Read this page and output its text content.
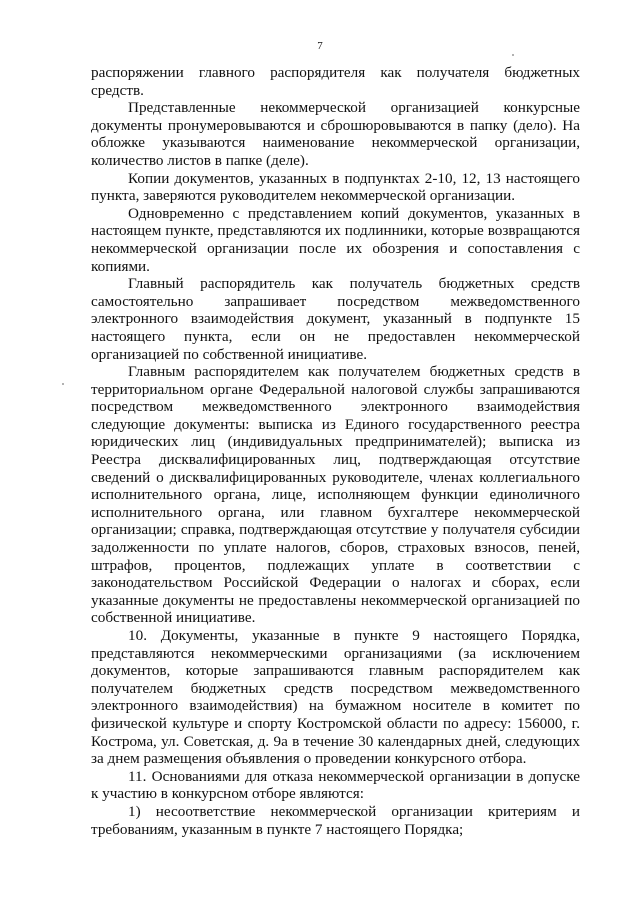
7

распоряжении главного распорядителя как получателя бюджетных средств.

Представленные некоммерческой организацией конкурсные документы пронумеровываются и сброшюровываются в папку (дело). На обложке указываются наименование некоммерческой организации, количество листов в папке (деле).

Копии документов, указанных в подпунктах 2-10, 12, 13 настоящего пункта, заверяются руководителем некоммерческой организации.

Одновременно с представлением копий документов, указанных в настоящем пункте, представляются их подлинники, которые возвращаются некоммерческой организации после их обозрения и сопоставления с копиями.

Главный распорядитель как получатель бюджетных средств самостоятельно запрашивает посредством межведомственного электронного взаимодействия документ, указанный в подпункте 15 настоящего пункта, если он не предоставлен некоммерческой организацией по собственной инициативе.

Главным распорядителем как получателем бюджетных средств в территориальном органе Федеральной налоговой службы запрашиваются посредством межведомственного электронного взаимодействия следующие документы: выписка из Единого государственного реестра юридических лиц (индивидуальных предпринимателей); выписка из Реестра дисквалифицированных лиц, подтверждающая отсутствие сведений о дисквалифицированных руководителе, членах коллегиального исполнительного органа, лице, исполняющем функции единоличного исполнительного органа, или главном бухгалтере некоммерческой организации; справка, подтверждающая отсутствие у получателя субсидии задолженности по уплате налогов, сборов, страховых взносов, пеней, штрафов, процентов, подлежащих уплате в соответствии с законодательством Российской Федерации о налогах и сборах, если указанные документы не предоставлены некоммерческой организацией по собственной инициативе.

10. Документы, указанные в пункте 9 настоящего Порядка, представляются некоммерческими организациями (за исключением документов, которые запрашиваются главным распорядителем как получателем бюджетных средств посредством межведомственного электронного взаимодействия) на бумажном носителе в комитет по физической культуре и спорту Костромской области по адресу: 156000, г. Кострома, ул. Советская, д. 9а в течение 30 календарных дней, следующих за днем размещения объявления о проведении конкурсного отбора.

11. Основаниями для отказа некоммерческой организации в допуске к участию в конкурсном отборе являются:

1) несоответствие некоммерческой организации критериям и требованиям, указанным в пункте 7 настоящего Порядка;
